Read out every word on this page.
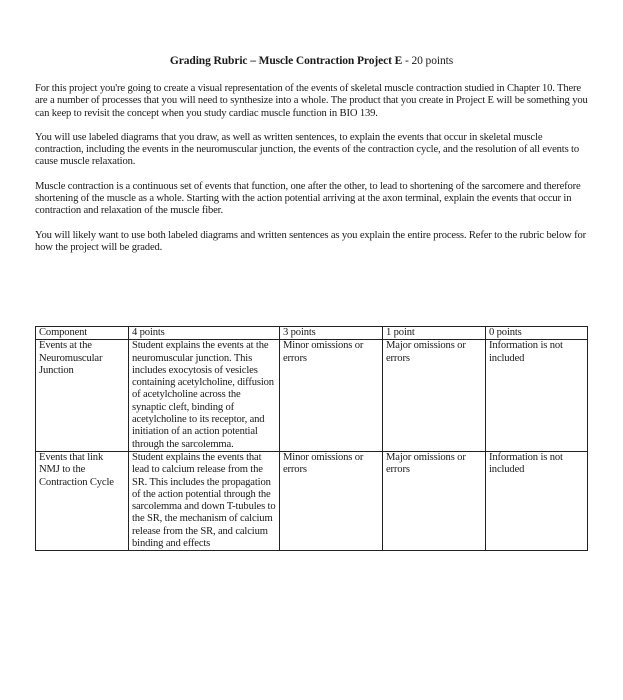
Grading Rubric – Muscle Contraction Project E - 20 points

For this project you're going to create a visual representation of the events of skeletal muscle contraction studied in Chapter 10. There are a number of processes that you will need to synthesize into a whole. The product that you create in Project E will be something you can keep to revisit the concept when you study cardiac muscle function in BIO 139.

You will use labeled diagrams that you draw, as well as written sentences, to explain the events that occur in skeletal muscle contraction, including the events in the neuromuscular junction, the events of the contraction cycle, and the resolution of all events to cause muscle relaxation.

Muscle contraction is a continuous set of events that function, one after the other, to lead to shortening of the sarcomere and therefore shortening of the muscle as a whole. Starting with the action potential arriving at the axon terminal, explain the events that occur in contraction and relaxation of the muscle fiber.

You will likely want to use both labeled diagrams and written sentences as you explain the entire process. Refer to the rubric below for how the project will be graded.

Component	4 points	3 points	1 point	0 points
Events at the Neuromuscular Junction	Student explains the events at the neuromuscular junction. This includes exocytosis of vesicles containing acetylcholine, diffusion of acetylcholine across the synaptic cleft, binding of acetylcholine to its receptor, and initiation of an action potential through the sarcolemma.	Minor omissions or errors	Major omissions or errors	Information is not included
Events that link NMJ to the Contraction Cycle	Student explains the events that lead to calcium release from the SR. This includes the propagation of the action potential through the sarcolemma and down T-tubules to the SR, the mechanism of calcium release from the SR, and calcium binding and effects	Minor omissions or errors	Major omissions or errors	Information is not included
